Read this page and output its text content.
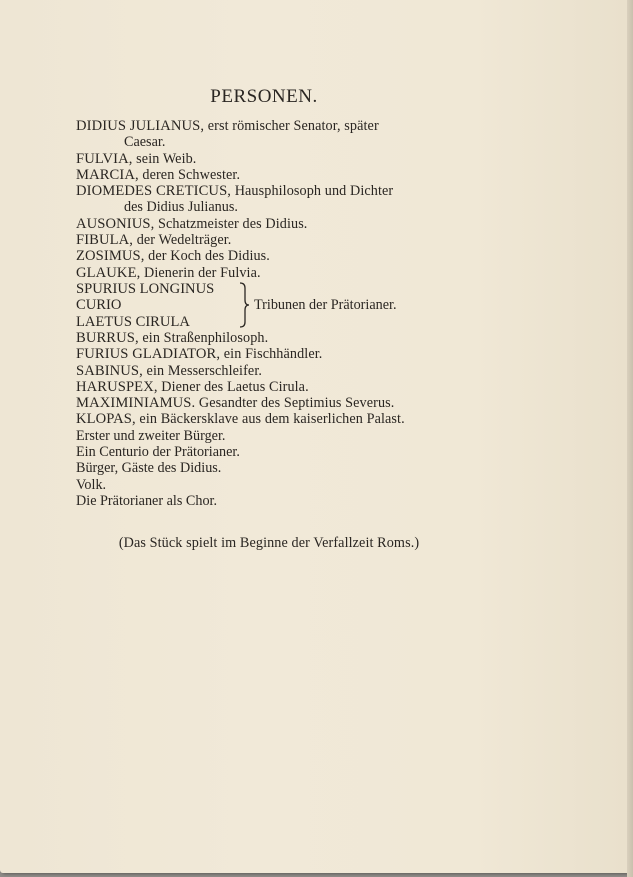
PERSONEN.
DIDIUS JULIANUS, erst römischer Senator, später
Caesar.
FULVIA, sein Weib.
MARCIA, deren Schwester.
DIOMEDES CRETICUS, Hausphilosoph und Dichter
des Didius Julianus.
AUSONIUS, Schatzmeister des Didius.
FIBULA, der Wedelträger.
ZOSIMUS, der Koch des Didius.
GLAUKE, Dienerin der Fulvia.
SPURIUS LONGINUS
CURIO
LAETUS CIRULA
Tribunen der Prätorianer.
BURRUS, ein Straßenphilosoph.
FURIUS GLADIATOR, ein Fischhändler.
SABINUS, ein Messerschleifer.
HARUSPEX, Diener des Laetus Cirula.
MAXIMINIAMUS. Gesandter des Septimius Severus.
KLOPAS, ein Bäckersklave aus dem kaiserlichen Palast.
Erster und zweiter Bürger.
Ein Centurio der Prätorianer.
Bürger, Gäste des Didius.
Volk.
Die Prätorianer als Chor.
(Das Stück spielt im Beginne der Verfallzeit Roms.)
